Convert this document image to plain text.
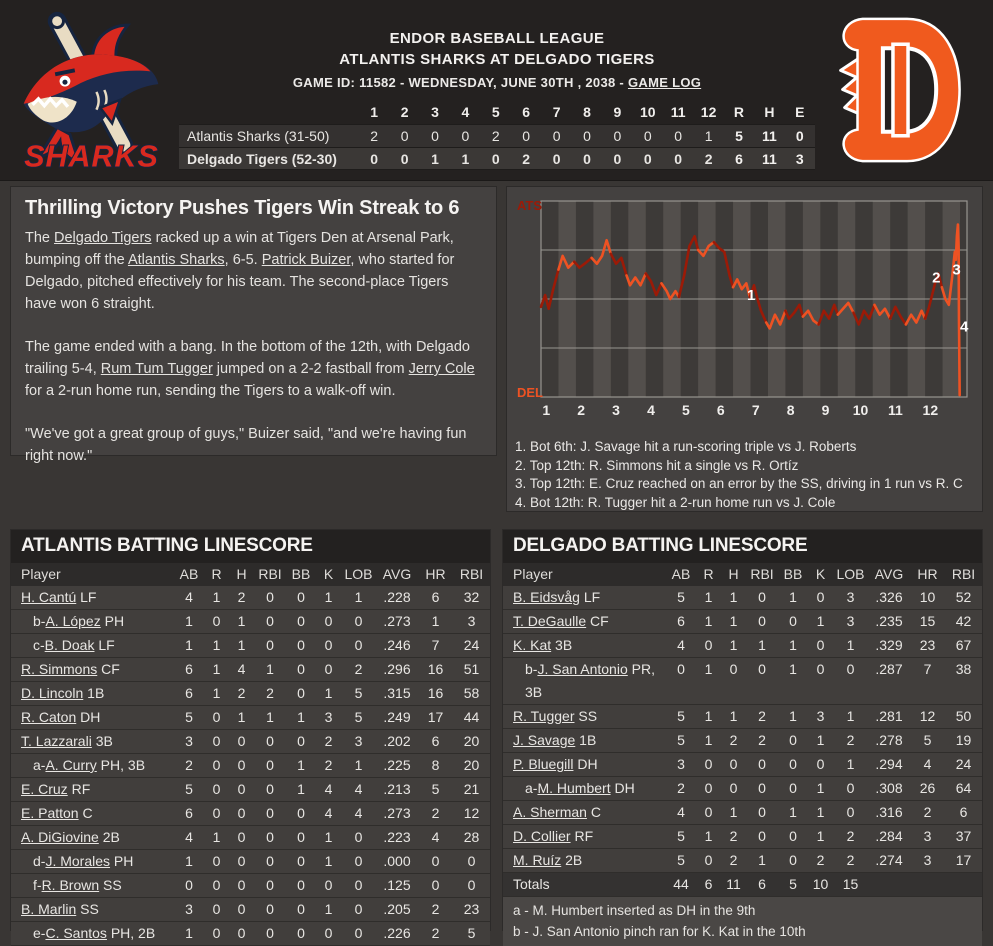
SHARKS
ENDOR BASEBALL LEAGUE
ATLANTIS SHARKS AT DELGADO TIGERS
GAME ID: 11582 - WEDNESDAY, JUNE 30TH , 2038 - GAME LOG
1	2	3	4	5	6	7	8	9	10	11	12	R	H	E
Atlantis Sharks (31-50)	2	0	0	0	2	0	0	0	0	0	0	1	5	11	0
Delgado Tigers (52-30)	0	0	1	1	0	2	0	0	0	0	0	2	6	11	3
Thrilling Victory Pushes Tigers Win Streak to 6

The Delgado Tigers racked up a win at Tigers Den at Arsenal Park, bumping off the Atlantis Sharks, 6-5. Patrick Buizer, who started for Delgado, pitched effectively for his team. The second-place Tigers have won 6 straight.

The game ended with a bang. In the bottom of the 12th, with Delgado trailing 5-4, Rum Tum Tugger jumped on a 2-2 fastball from Jerry Cole for a 2-run home run, sending the Tigers to a walk-off win.

"We've got a great group of guys," Buizer said, "and we're having fun right now."

1
2 3
4
ATS
DEL
1 2 3 4 5 6 7 8 9 10 11 12
1. Bot 6th: J. Savage hit a run-scoring triple vs J. Roberts
2. Top 12th: R. Simmons hit a single vs R. Ortíz
3. Top 12th: E. Cruz reached on an error by the SS, driving in 1 run vs R. C
4. Bot 12th: R. Tugger hit a 2-run home run vs J. Cole
ATLANTIS BATTING LINESCORE
Player	AB R	H RBI BB K LOB AVG	HR	RBI
H. Cantú LF	4	1	2	0	0	1	1	.228	6	32
b-A. López PH	1	0	1	0	0	0	0	.273	1	3
c-B. Doak LF	1	1	1	0	0	0	0	.246	7	24
R. Simmons CF	6	1	4	1	0	0	2	.296	16	51
D. Lincoln 1B	6	1	2	2	0	1	5	.315	16	58
R. Caton DH	5	0	1	1	1	3	5	.249	17	44
T. Lazzarali 3B	3	0	0	0	0	2	3	.202	6	20
a-A. Curry PH, 3B	2	0	0	0	1	2	1	.225	8	20
E. Cruz RF	5	0	0	0	1	4	4	.213	5	21
E. Patton C	6	0	0	0	0	4	4	.273	2	12
A. DiGiovine 2B	4	1	0	0	0	1	0	.223	4	28
d-J. Morales PH	1	0	0	0	0	1	0	.000	0	0
f-R. Brown SS	0	0	0	0	0	0	0	.125	0	0
B. Marlin SS	3	0	0	0	0	1	0	.205	2	23
e-C. Santos PH, 2B	1	0	0	0	0	0	0	.226	2	5
DELGADO BATTING LINESCORE
Player	AB R	H RBI BB K LOB AVG	HR	RBI
B. Eidsvåg LF	5	1	1	0	1	0	3	.326	10	52
T. DeGaulle CF	6	1	1	0	0	1	3	.235	15	42
K. Kat 3B	4	0	1	1	1	0	1	.329	23	67
b-J. San Antonio PR, 3B
0	1	0	0	1	0	0	.287	7	38
R. Tugger SS	5	1	1	2	1	3	1	.281	12	50
J. Savage 1B	5	1	2	2	0	1	2	.278	5	19
P. Bluegill DH	3	0	0	0	0	0	1	.294	4	24
a-M. Humbert DH	2	0	0	0	0	1	0	.308	26	64
A. Sherman C	4	0	1	0	1	1	0	.316	2	6
D. Collier RF	5	1	2	0	0	1	2	.284	3	37
M. Ruíz 2B	5	0	2	1	0	2	2	.274	3	17
Totals	44	6 11	6	5	10	15
a - M. Humbert inserted as DH in the 9th
b - J. San Antonio pinch ran for K. Kat in the 10th
